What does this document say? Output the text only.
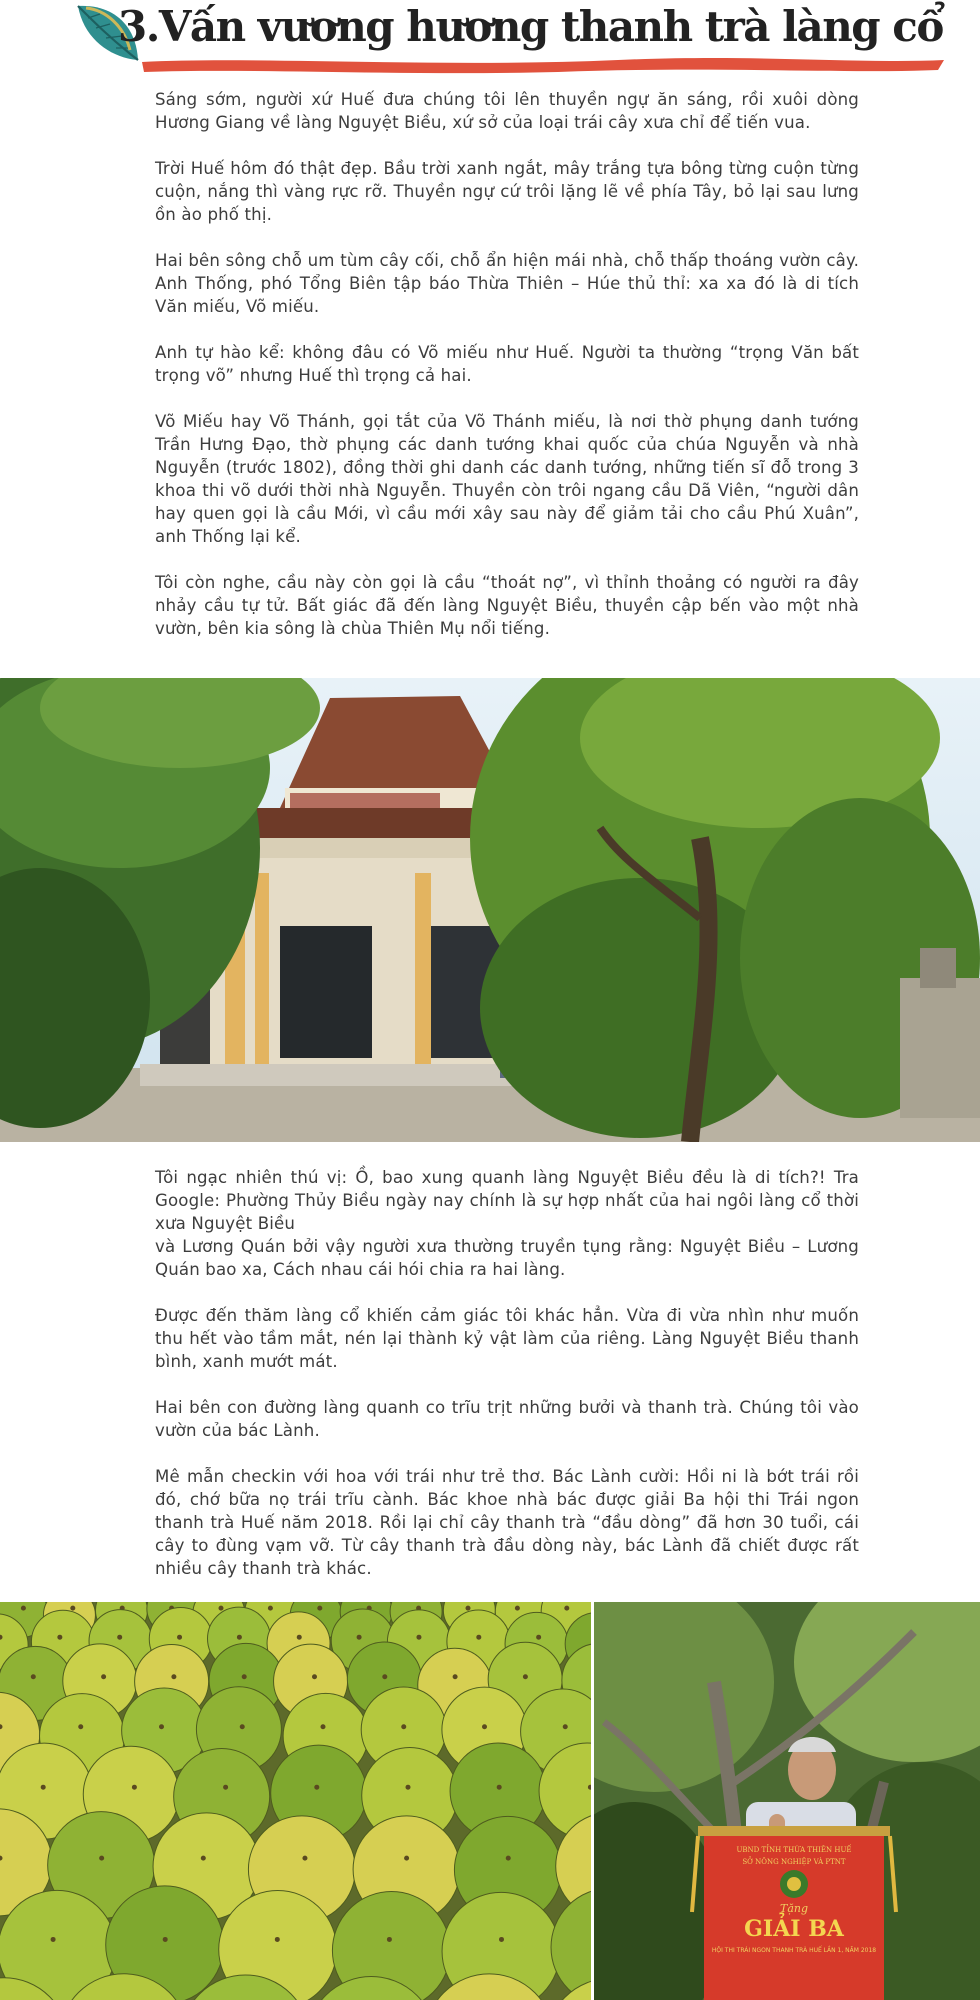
3.Vấn vương hương thanh trà làng cổ

Sáng sớm, người xứ Huế đưa chúng tôi lên thuyền ngự ăn sáng, rồi xuôi dòng Hương Giang về làng Nguyệt Biều, xứ sở của loại trái cây xưa chỉ để tiến vua.

Trời Huế hôm đó thật đẹp. Bầu trời xanh ngắt, mây trắng tựa bông từng cuộn từng cuộn, nắng thì vàng rực rỡ. Thuyền ngự cứ trôi lặng lẽ về phía Tây, bỏ lại sau lưng ồn ào phố thị.

Hai bên sông chỗ um tùm cây cối, chỗ ẩn hiện mái nhà, chỗ thấp thoáng vườn cây. Anh Thống, phó Tổng Biên tập báo Thừa Thiên – Húe thủ thỉ: xa xa đó là di tích Văn miếu, Võ miếu.

Anh tự hào kể: không đâu có Võ miếu như Huế. Người ta thường “trọng Văn bất trọng võ” nhưng Huế thì trọng cả hai.

Võ Miếu hay Võ Thánh, gọi tắt của Võ Thánh miếu, là nơi thờ phụng danh tướng Trần Hưng Đạo, thờ phụng các danh tướng khai quốc của chúa Nguyễn và nhà Nguyễn (trước 1802), đồng thời ghi danh các danh tướng, những tiến sĩ đỗ trong 3 khoa thi võ dưới thời nhà Nguyễn. Thuyền còn trôi ngang cầu Dã Viên, “người dân hay quen gọi là cầu Mới, vì cầu mới xây sau này để giảm tải cho cầu Phú Xuân”, anh Thống lại kể.

Tôi còn nghe, cầu này còn gọi là cầu “thoát nợ”, vì thỉnh thoảng có người ra đây nhảy cầu tự tử. Bất giác đã đến làng Nguyệt Biều, thuyền cập bến vào một nhà vườn, bên kia sông là chùa Thiên Mụ nổi tiếng.

Tôi ngạc nhiên thú vị: Ồ, bao xung quanh làng Nguyệt Biều đều là di tích?! Tra Google: Phường Thủy Biều ngày nay chính là sự hợp nhất của hai ngôi làng cổ thời xưa Nguyệt Biều

và Lương Quán bởi vậy người xưa thường truyền tụng rằng: Nguyệt Biều – Lương Quán bao xa, Cách nhau cái hói chia ra hai làng.

Được đến thăm làng cổ khiến cảm giác tôi khác hẳn. Vừa đi vừa nhìn như muốn thu hết vào tầm mắt, nén lại thành kỷ vật làm của riêng. Làng Nguyệt Biều thanh bình, xanh mướt mát.

Hai bên con đường làng quanh co trĩu trịt những bưởi và thanh trà. Chúng tôi vào vườn của bác Lành.

Mê mẫn checkin với hoa với trái như trẻ thơ. Bác Lành cười: Hồi ni là bớt trái rồi đó, chớ bữa nọ trái trĩu cành. Bác khoe nhà bác được giải Ba hội thi Trái ngon thanh trà Huế năm 2018. Rồi lại chỉ cây thanh trà “đầu dòng” đã hơn 30 tuổi, cái cây to đùng vạm vỡ. Từ cây thanh trà đầu dòng này, bác Lành đã chiết được rất nhiều cây thanh trà khác.

UBND TỈNH THỪA THIÊN HUẾ
SỞ NÔNG NGHIỆP VÀ PTNT
Tặng
GIẢI BA
HỘI THI TRÁI NGON THANH TRÀ HUẾ LẦN 1, NĂM 2018
